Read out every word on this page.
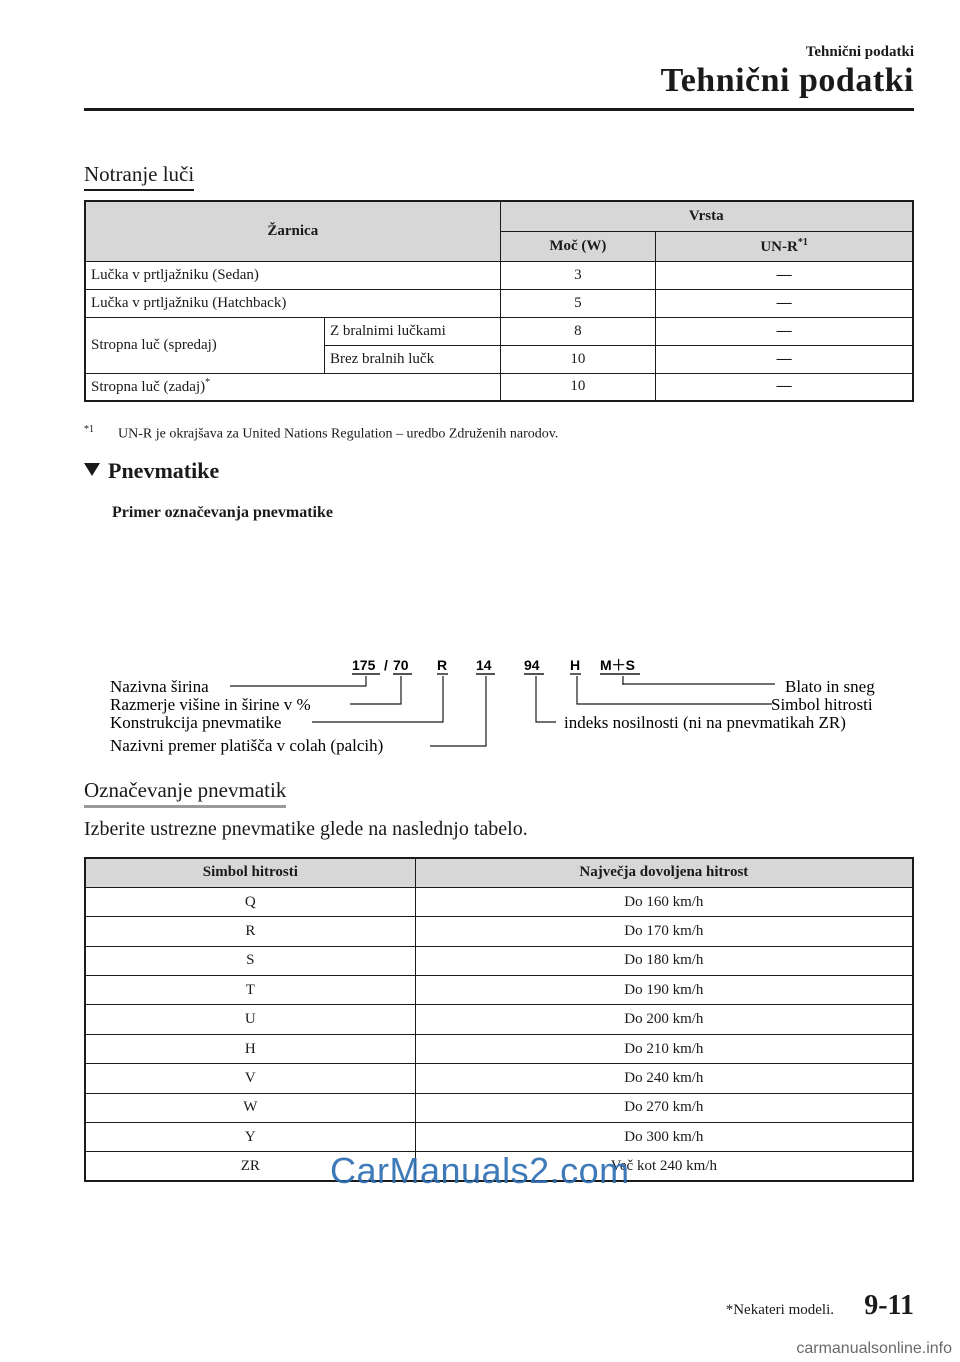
Tehnični podatki
Tehnični podatki
Notranje luči
Žarnica		Vrsta	
		Moč (W)	$UN-R^{*1}$
Lučka v prtljažniku (Sedan)		3	—
Lučka v prtljažniku (Hatchback)		5	—
Stropna luč (spredaj)	Z bralnimi lučkami	8	—
	Brez bralnih lučk	10	—
Stropna luč (zadaj)*		10	—
$^{*1}$ UN-R je okrajšava za United Nations Regulation – uredbo Združenih narodov.
Pnevmatike
Primer označevanja pnevmatike
175 / 70 R 14 94 H M＋S
Nazivna širina
Razmerje višine in širine v %
Konstrukcija pnevmatike
Nazivni premer platišča v colah (palcih)
Blato in sneg
Simbol hitrosti
indeks nosilnosti (ni na pnevmatikah ZR)
Označevanje pnevmatik
Izberite ustrezne pnevmatike glede na naslednjo tabelo.
Simbol hitrosti	Največja dovoljena hitrost
Q	Do 160 km/h
R	Do 170 km/h
S	Do 180 km/h
T	Do 190 km/h
U	Do 200 km/h
H	Do 210 km/h
V	Do 240 km/h
W	Do 270 km/h
Y	Do 300 km/h
ZR	Več kot 240 km/h
CarManuals2.com
*Nekateri modeli. 9-11
carmanualsonline.info
